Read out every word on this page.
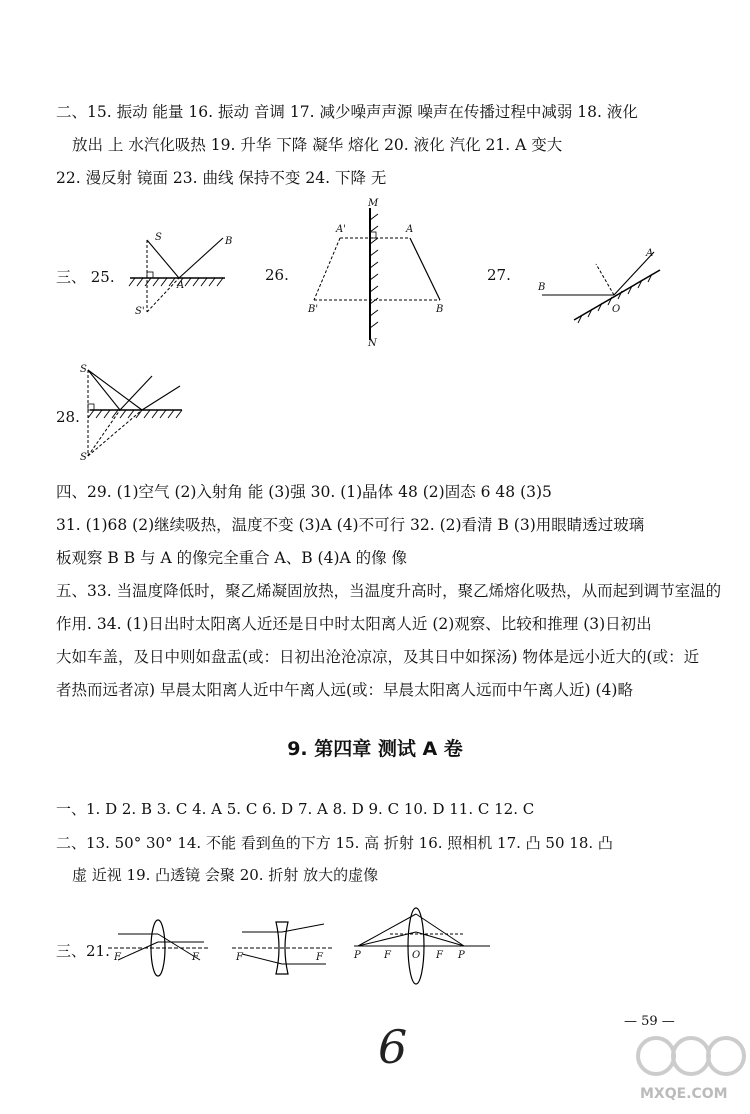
二、15. 振动 能量 16. 振动 音调 17. 减少噪声声源 噪声在传播过程中减弱 18. 液化
放出 上 水汽化吸热 19. 升华 下降 凝华 熔化 20. 液化 汽化 21. A 变大
22. 漫反射 镜面 23. 曲线 保持不变 24. 下降 无
三、 25.	26.	27.
S	B
A
S'
M
N
A
A'
B
B'
A
B
O
28.
S
S'
四、29. (1)空气 (2)入射角 能 (3)强 30. (1)晶体 48 (2)固态 6 48 (3)5
31. (1)68 (2)继续吸热，温度不变 (3)A (4)不可行 32. (2)看清 B (3)用眼睛透过玻璃
板观察 B B 与 A 的像完全重合 A、B (4)A 的像 像
五、33. 当温度降低时，聚乙烯凝固放热，当温度升高时，聚乙烯熔化吸热，从而起到调节室温的
作用. 34. (1)日出时太阳离人近还是日中时太阳离人近 (2)观察、比较和推理 (3)日初出
大如车盖，及日中则如盘盂(或：日初出沧沧凉凉，及其日中如探汤) 物体是远小近大的(或：近
者热而远者凉) 早晨太阳离人近中午离人远(或：早晨太阳离人远而中午离人近) (4)略
9. 第四章 测试 A 卷
一、1. D 2. B 3. C 4. A 5. C 6. D 7. A 8. D 9. C 10. D 11. C 12. C
二、13. 50° 30° 14. 不能 看到鱼的下方 15. 高 折射 16. 照相机 17. 凸 50 18. 凸
虚 近视 19. 凸透镜 会聚 20. 折射 放大的虚像
三、21. F	F	F	F	P F O F P
6	— 59 —
MXQE.COM
